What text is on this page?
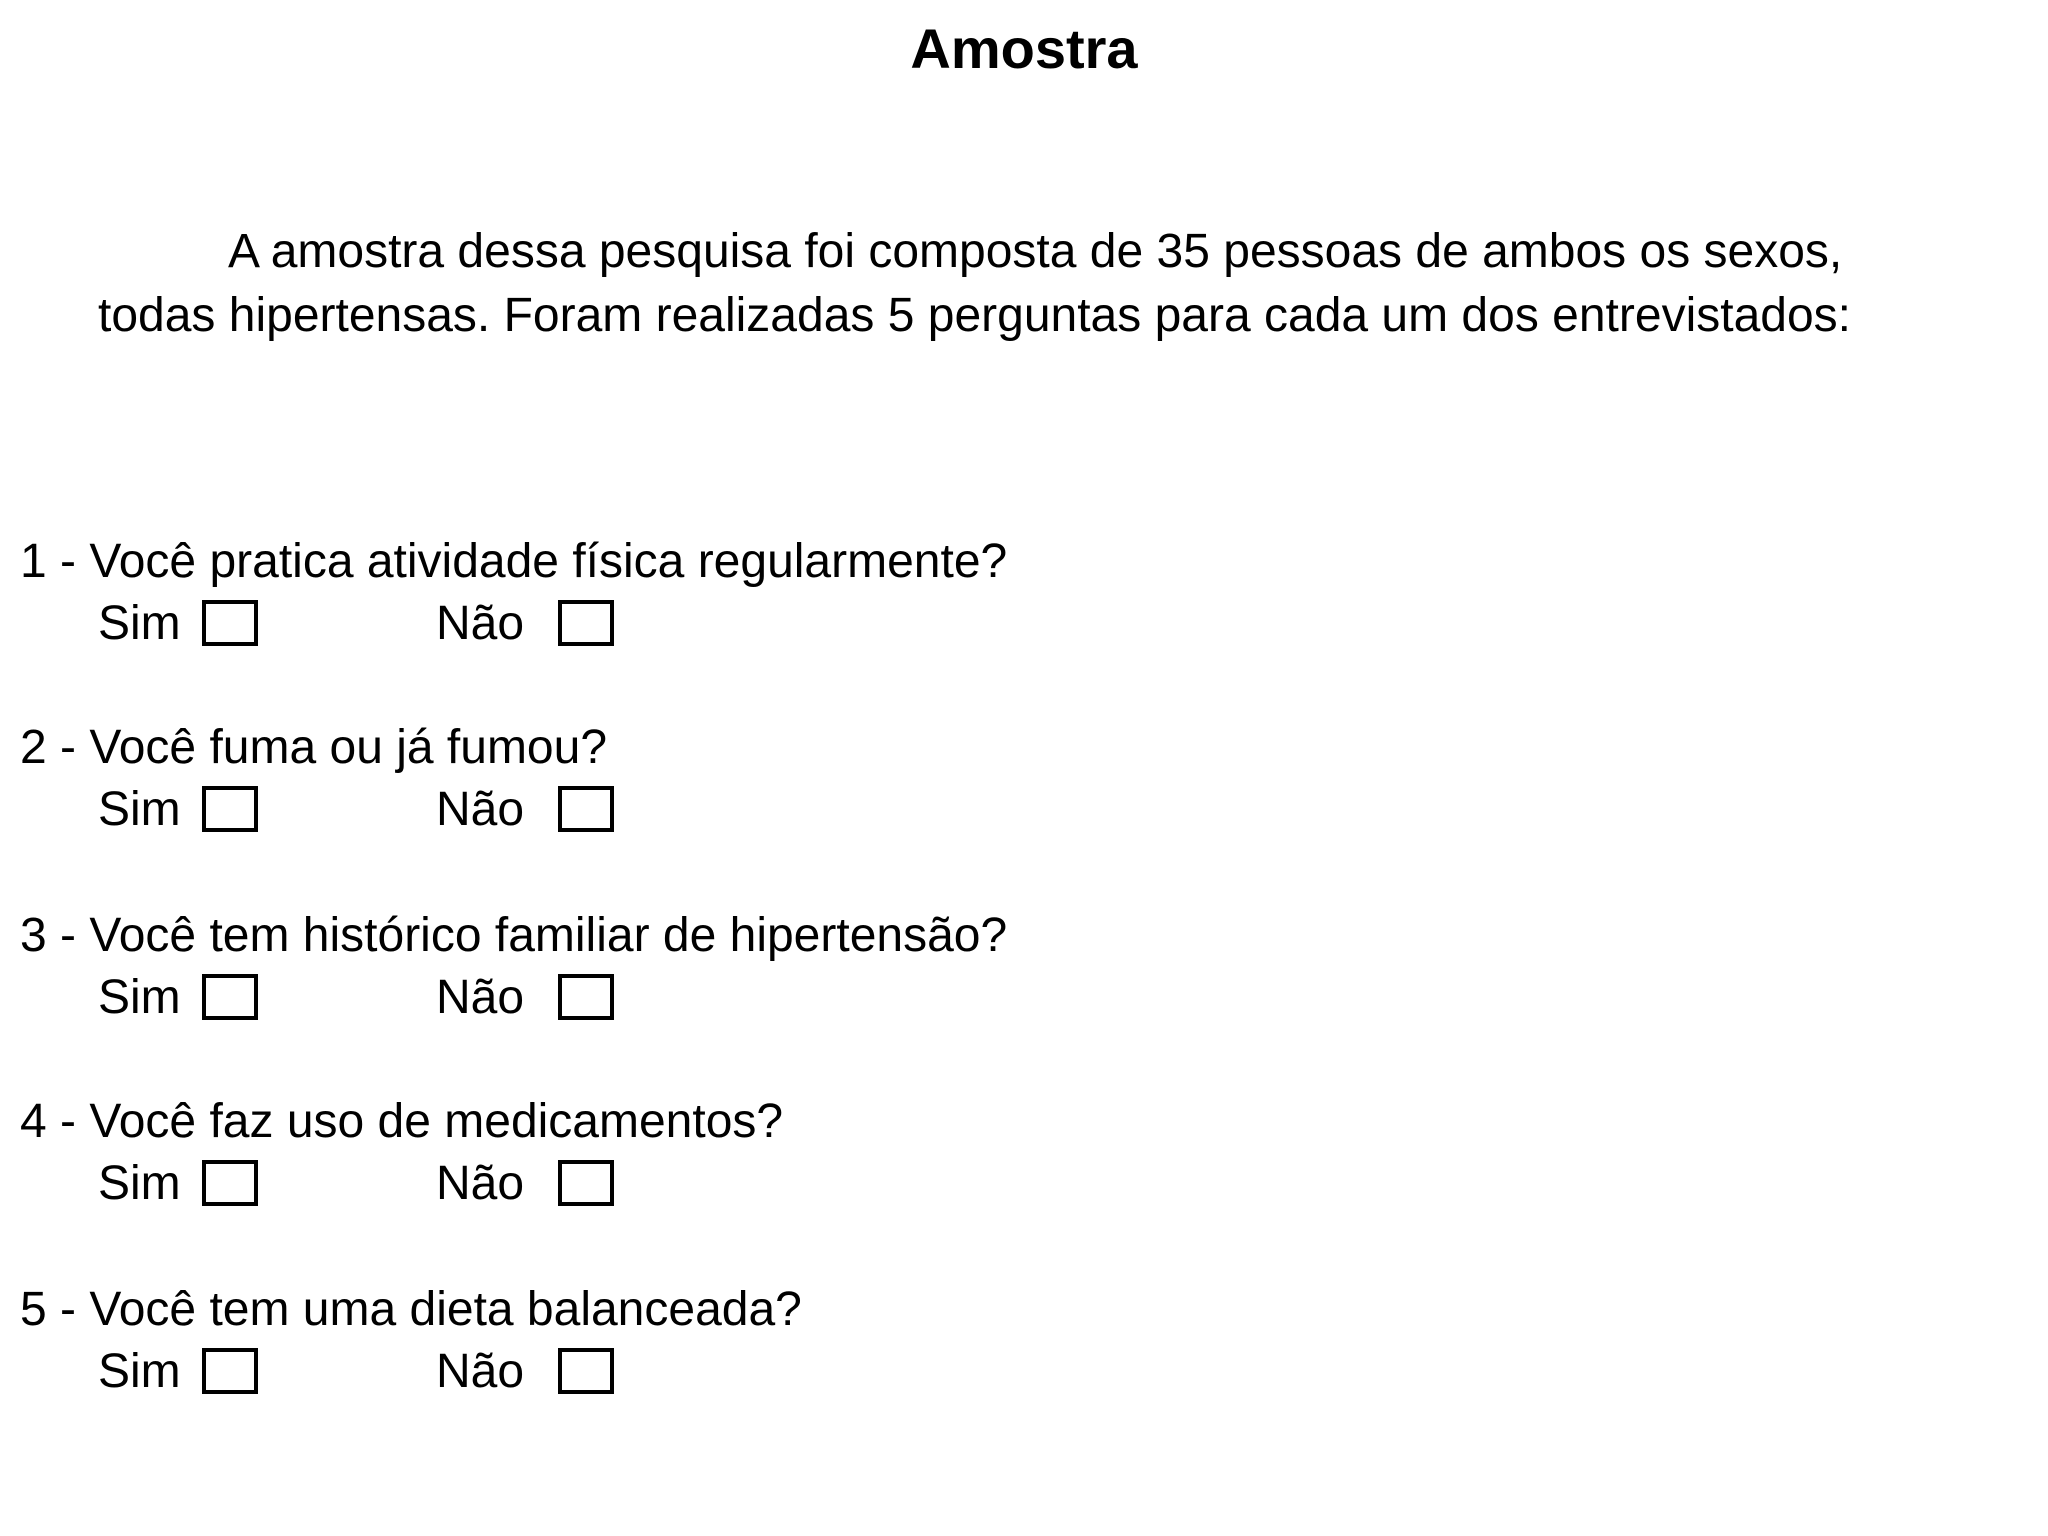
Amostra

A amostra dessa pesquisa foi composta de 35 pessoas de ambos os sexos,
todas hipertensas. Foram realizadas 5 perguntas para cada um dos entrevistados:

1 - Você pratica atividade física regularmente?

Sim	Não

2 - Você fuma ou já fumou?

Sim	Não

3 - Você tem histórico familiar de hipertensão?

Sim	Não

4 - Você faz uso de medicamentos?

Sim	Não

5 - Você tem uma dieta balanceada?

Sim	Não
